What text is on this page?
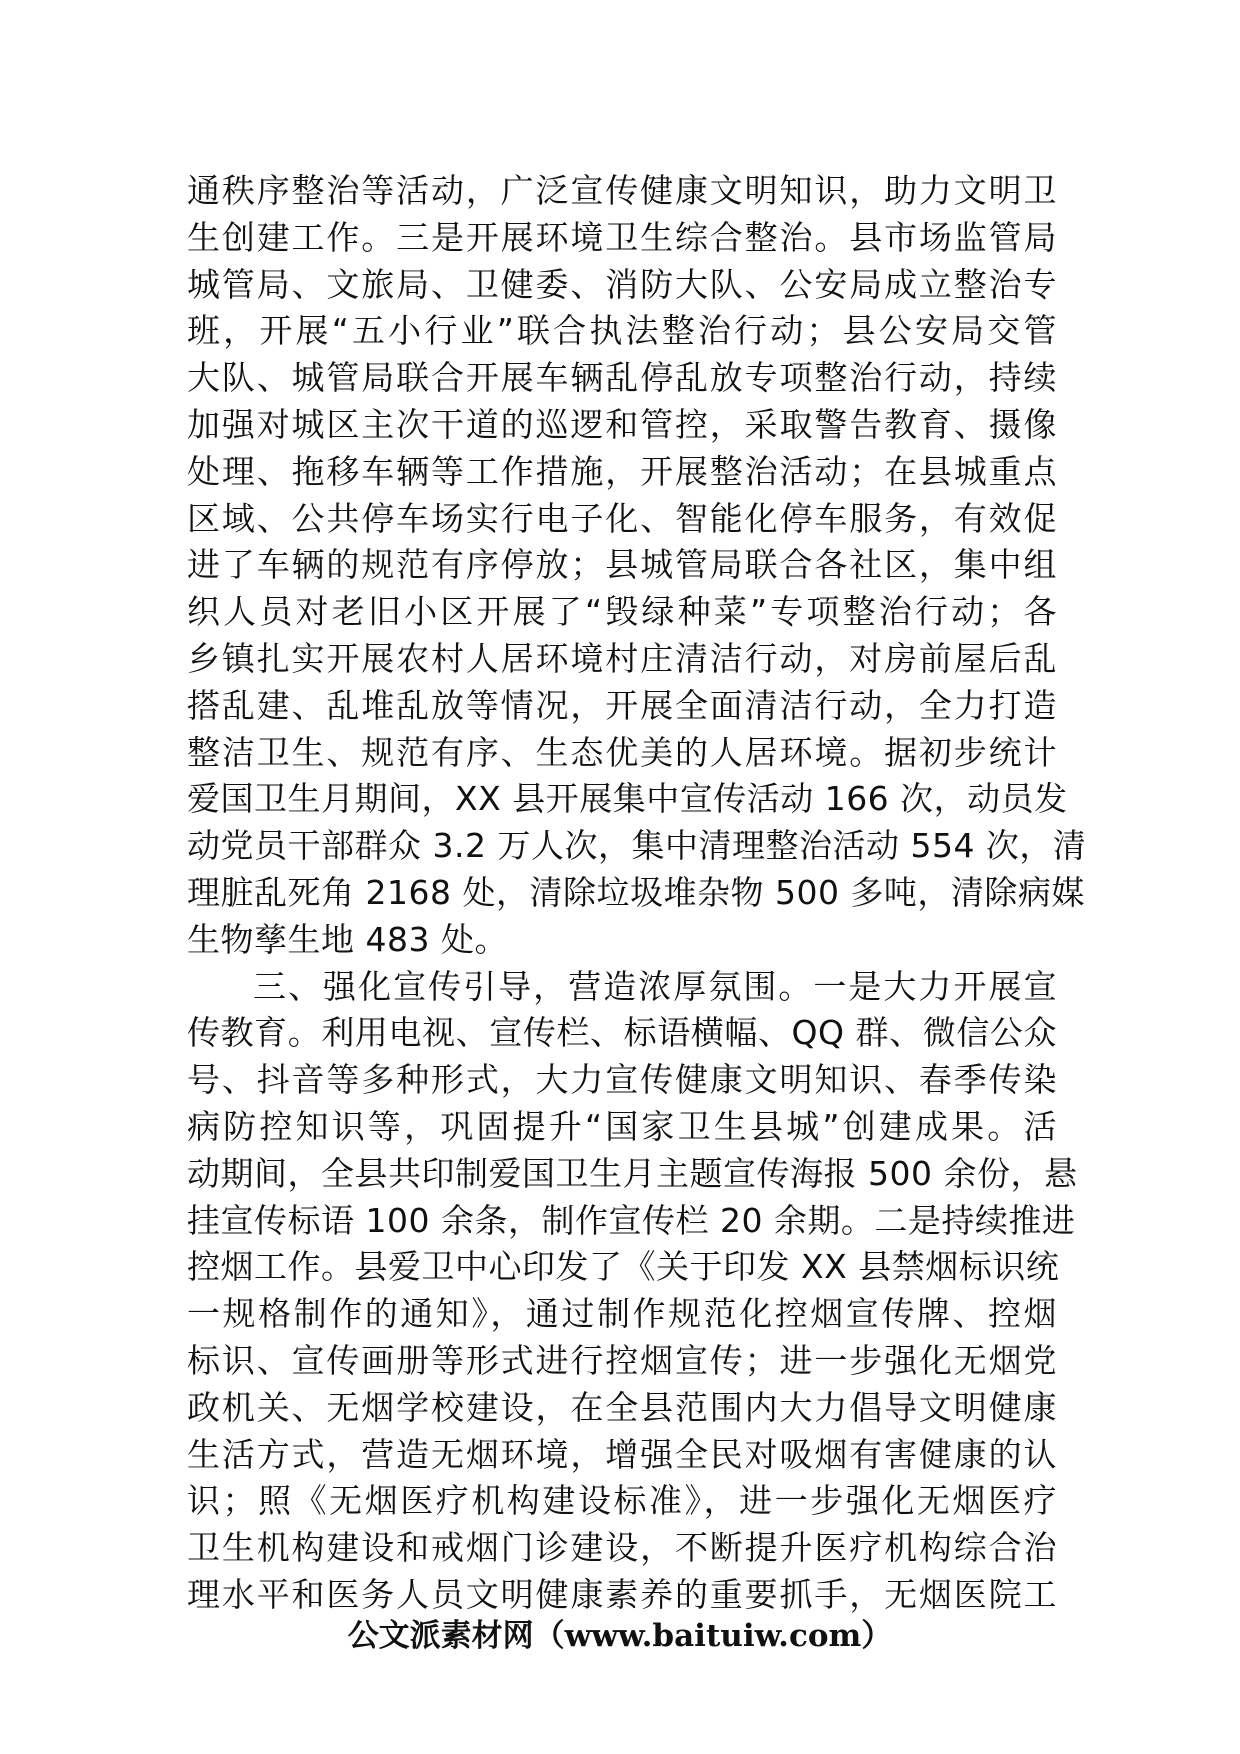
通秩序整治等活动，广泛宣传健康文明知识，助力文明卫
生创建工作。三是开展环境卫生综合整治。县市场监管局
城管局、文旅局、卫健委、消防大队、公安局成立整治专
班，开展“五小行业”联合执法整治行动；县公安局交管
大队、城管局联合开展车辆乱停乱放专项整治行动，持续
加强对城区主次干道的巡逻和管控，采取警告教育、摄像
处理、拖移车辆等工作措施，开展整治活动；在县城重点
区域、公共停车场实行电子化、智能化停车服务，有效促
进了车辆的规范有序停放；县城管局联合各社区，集中组
织人员对老旧小区开展了“毁绿种菜”专项整治行动；各
乡镇扎实开展农村人居环境村庄清洁行动，对房前屋后乱
搭乱建、乱堆乱放等情况，开展全面清洁行动，全力打造
整洁卫生、规范有序、生态优美的人居环境。据初步统计
爱国卫生月期间，XX 县开展集中宣传活动 166 次，动员发
动党员干部群众 3.2 万人次，集中清理整治活动 554 次，清
理脏乱死角 2168 处，清除垃圾堆杂物 500 多吨，清除病媒
生物孳生地 483 处。
三、强化宣传引导，营造浓厚氛围。一是大力开展宣
传教育。利用电视、宣传栏、标语横幅、QQ 群、微信公众
号、抖音等多种形式，大力宣传健康文明知识、春季传染
病防控知识等，巩固提升“国家卫生县城”创建成果。活
动期间，全县共印制爱国卫生月主题宣传海报 500 余份，悬
挂宣传标语 100 余条，制作宣传栏 20 余期。二是持续推进
控烟工作。县爱卫中心印发了《关于印发 XX 县禁烟标识统
一规格制作的通知》，通过制作规范化控烟宣传牌、控烟
标识、宣传画册等形式进行控烟宣传；进一步强化无烟党
政机关、无烟学校建设，在全县范围内大力倡导文明健康
生活方式，营造无烟环境，增强全民对吸烟有害健康的认
识；照《无烟医疗机构建设标准》，进一步强化无烟医疗
卫生机构建设和戒烟门诊建设，不断提升医疗机构综合治
理水平和医务人员文明健康素养的重要抓手，无烟医院工
公文派素材网（www.baituiw.com）
